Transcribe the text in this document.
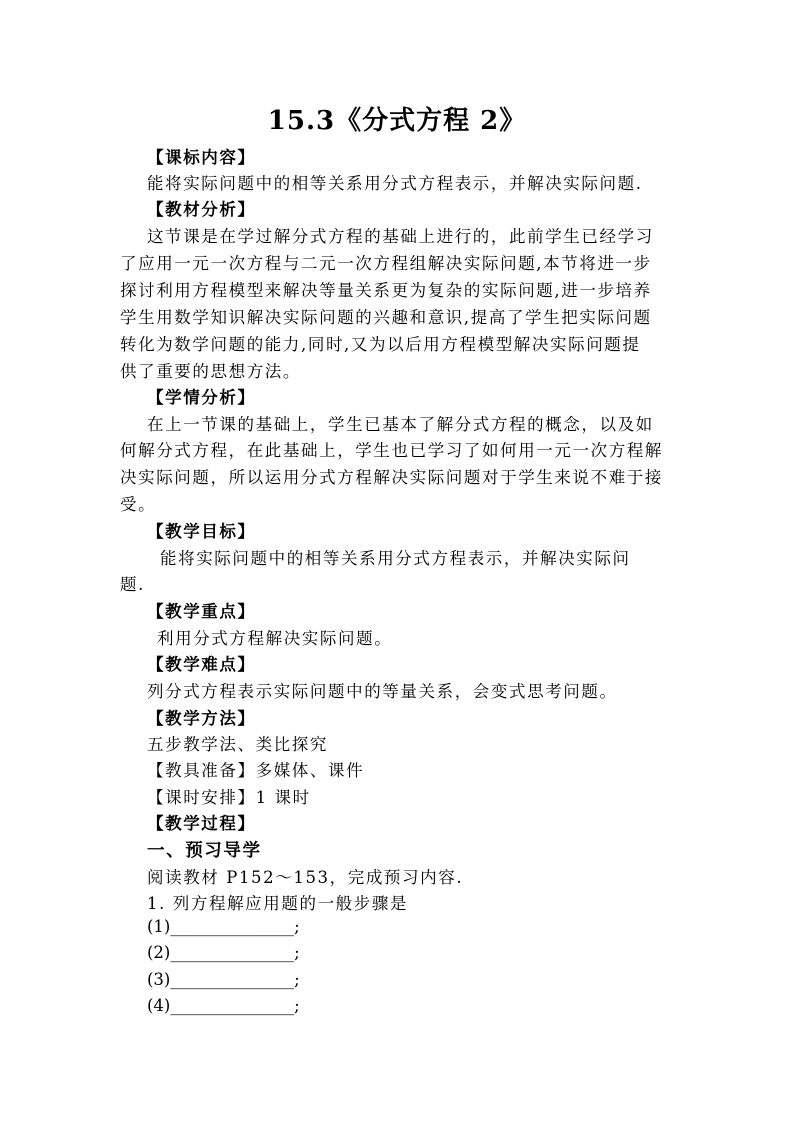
15.3《分式方程 2》
【课标内容】
能将实际问题中的相等关系用分式方程表示，并解决实际问题.
【教材分析】
这节课是在学过解分式方程的基础上进行的，此前学生已经学习
了应用一元一次方程与二元一次方程组解决实际问题,本节将进一步
探讨利用方程模型来解决等量关系更为复杂的实际问题,进一步培养
学生用数学知识解决实际问题的兴趣和意识,提高了学生把实际问题
转化为数学问题的能力,同时,又为以后用方程模型解决实际问题提
供了重要的思想方法。
【学情分析】
在上一节课的基础上，学生已基本了解分式方程的概念，以及如
何解分式方程，在此基础上，学生也已学习了如何用一元一次方程解
决实际问题，所以运用分式方程解决实际问题对于学生来说不难于接
受。
【教学目标】
能将实际问题中的相等关系用分式方程表示，并解决实际问
题.
【教学重点】
利用分式方程解决实际问题。
【教学难点】
列分式方程表示实际问题中的等量关系，会变式思考问题。
【教学方法】
五步教学法、类比探究
【教具准备】多媒体、课件
【课时安排】1 课时
【教学过程】
一、预习导学
阅读教材 P152～153，完成预习内容.
1. 列方程解应用题的一般步骤是
(1)_______________;
(2)_______________;
(3)_______________;
(4)_______________;
